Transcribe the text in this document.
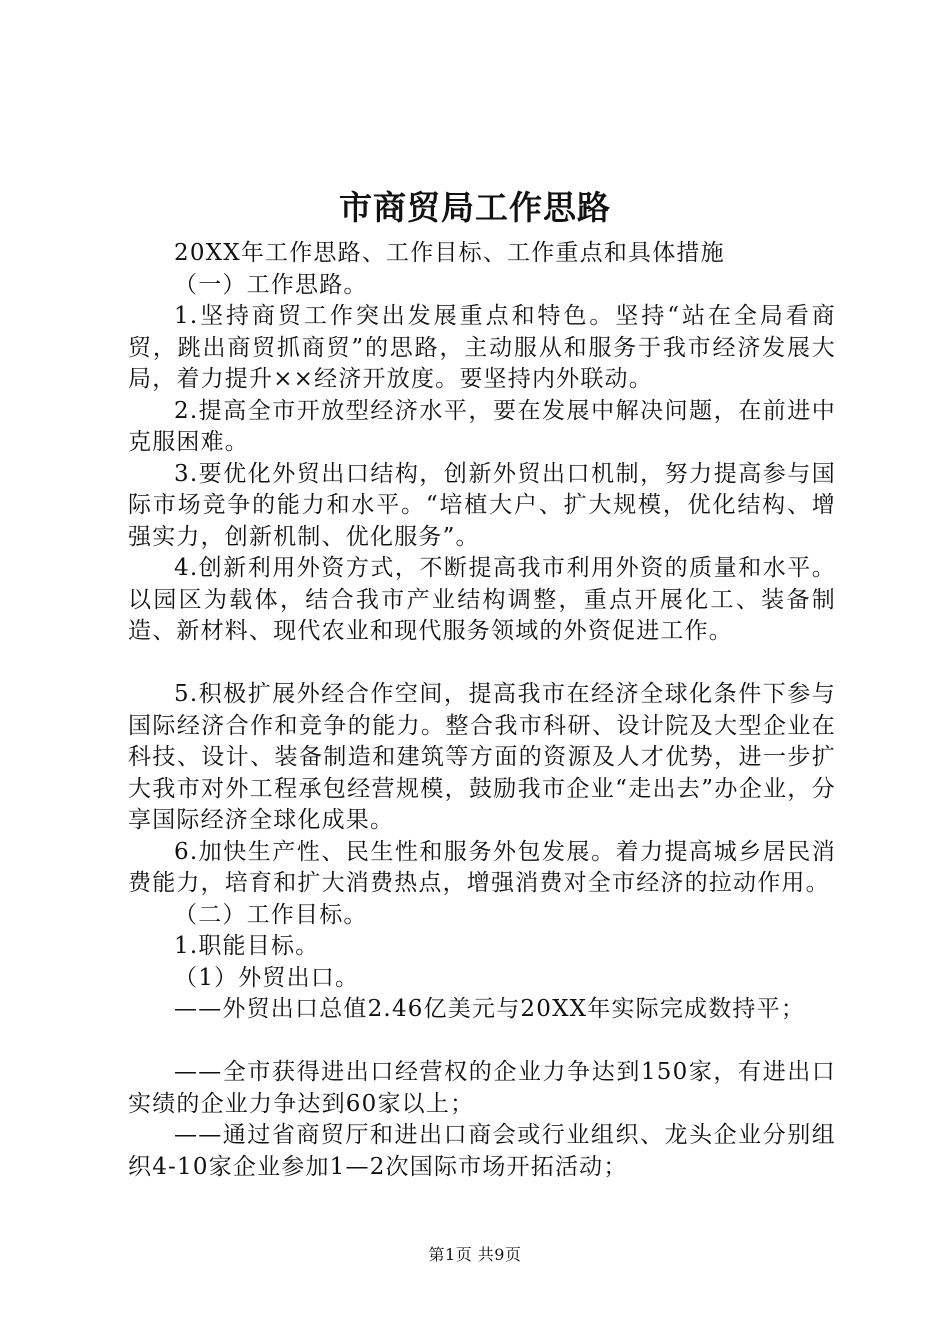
市商贸局工作思路

20XX年工作思路、工作目标、工作重点和具体措施

（一）工作思路。

1.坚持商贸工作突出发展重点和特色。坚持“站在全局看商贸，跳出商贸抓商贸”的思路，主动服从和服务于我市经济发展大局，着力提升××经济开放度。要坚持内外联动。

2.提高全市开放型经济水平，要在发展中解决问题，在前进中克服困难。

3.要优化外贸出口结构，创新外贸出口机制，努力提高参与国际市场竞争的能力和水平。“培植大户、扩大规模，优化结构、增强实力，创新机制、优化服务”。

4.创新利用外资方式，不断提高我市利用外资的质量和水平。以园区为载体，结合我市产业结构调整，重点开展化工、装备制造、新材料、现代农业和现代服务领域的外资促进工作。

5.积极扩展外经合作空间，提高我市在经济全球化条件下参与国际经济合作和竞争的能力。整合我市科研、设计院及大型企业在科技、设计、装备制造和建筑等方面的资源及人才优势，进一步扩大我市对外工程承包经营规模，鼓励我市企业“走出去”办企业，分享国际经济全球化成果。

6.加快生产性、民生性和服务外包发展。着力提高城乡居民消费能力，培育和扩大消费热点，增强消费对全市经济的拉动作用。

（二）工作目标。

1.职能目标。

（1）外贸出口。

——外贸出口总值2.46亿美元与20XX年实际完成数持平；

——全市获得进出口经营权的企业力争达到150家，有进出口实绩的企业力争达到60家以上；

——通过省商贸厅和进出口商会或行业组织、龙头企业分别组织4-10家企业参加1—2次国际市场开拓活动；

第1页 共9页
